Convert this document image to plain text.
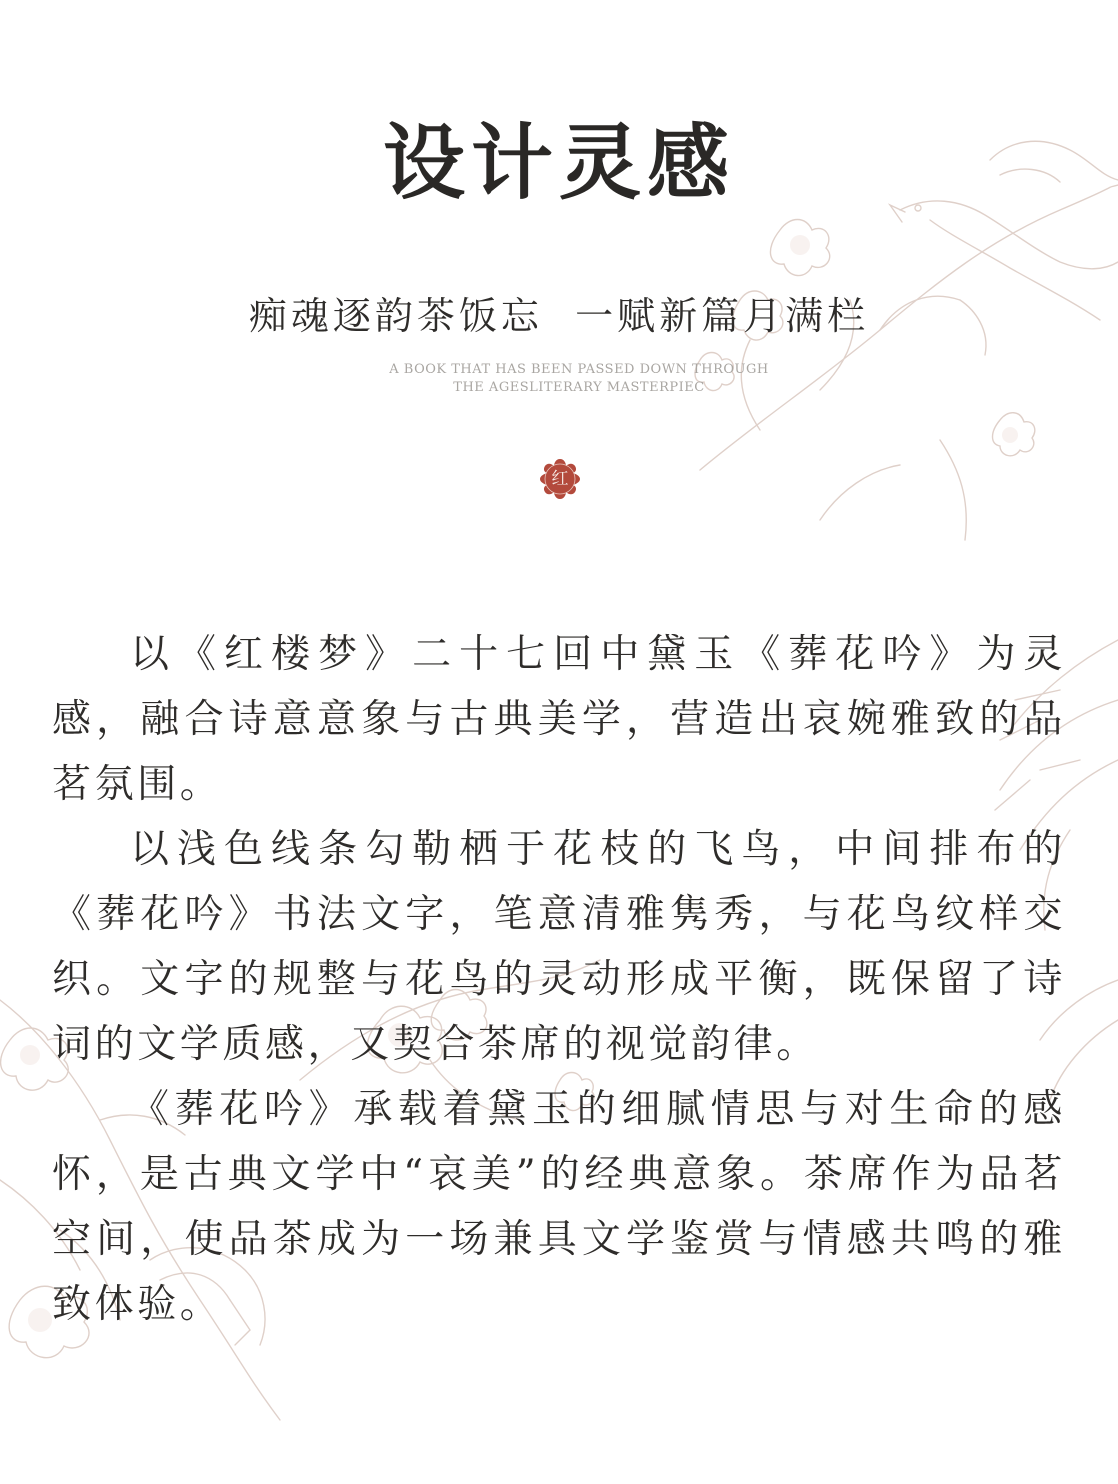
设计灵感
痴魂逐韵茶饭忘  一赋新篇月满栏
A BOOK THAT HAS BEEN PASSED DOWN THROUGH
THE AGESLITERARY MASTERPIEC
红

以《红楼梦》二十七回中黛玉《葬花吟》为灵感，融合诗意意象与古典美学，营造出哀婉雅致的品茗氛围。

以浅色线条勾勒栖于花枝的飞鸟，中间排布的《葬花吟》书法文字，笔意清雅隽秀，与花鸟纹样交织。文字的规整与花鸟的灵动形成平衡，既保留了诗词的文学质感，又契合茶席的视觉韵律。

《葬花吟》承载着黛玉的细腻情思与对生命的感怀，是古典文学中“哀美”的经典意象。茶席作为品茗空间，使品茶成为一场兼具文学鉴赏与情感共鸣的雅致体验。
